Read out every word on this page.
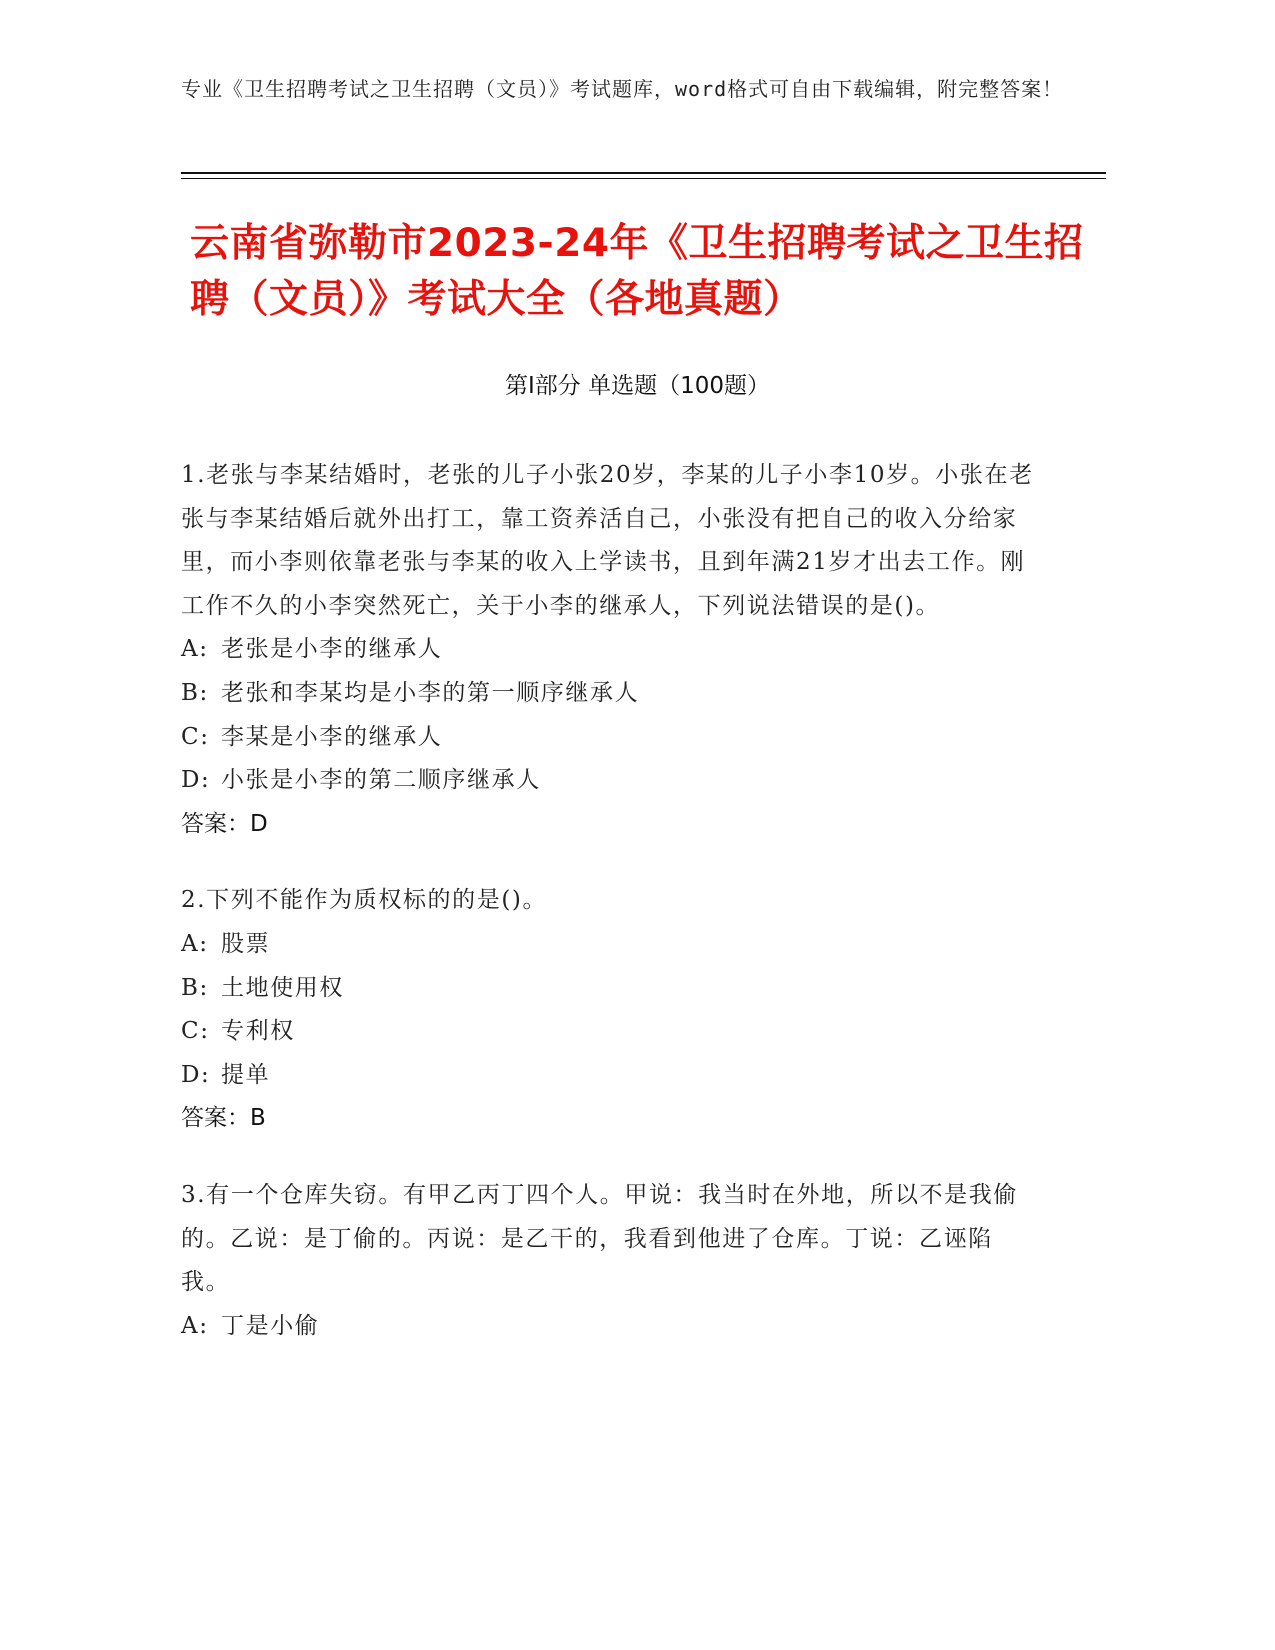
专业《卫生招聘考试之卫生招聘（文员）》考试题库，word格式可自由下载编辑，附完整答案！
云南省弥勒市2023-24年《卫生招聘考试之卫生招聘（文员）》考试大全（各地真题）
第I部分 单选题（100题）
1.老张与李某结婚时，老张的儿子小张20岁，李某的儿子小李10岁。小张在老张与李某结婚后就外出打工，靠工资养活自己，小张没有把自己的收入分给家里，而小李则依靠老张与李某的收入上学读书，且到年满21岁才出去工作。刚工作不久的小李突然死亡，关于小李的继承人，下列说法错误的是()。
A: 老张是小李的继承人
B: 老张和李某均是小李的第一顺序继承人
C: 李某是小李的继承人
D: 小张是小李的第二顺序继承人
答案：D
2.下列不能作为质权标的的是()。
A: 股票
B: 土地使用权
C: 专利权
D: 提单
答案：B
3.有一个仓库失窃。有甲乙丙丁四个人。甲说：我当时在外地，所以不是我偷的。乙说：是丁偷的。丙说：是乙干的，我看到他进了仓库。丁说：乙诬陷我。
A: 丁是小偷
